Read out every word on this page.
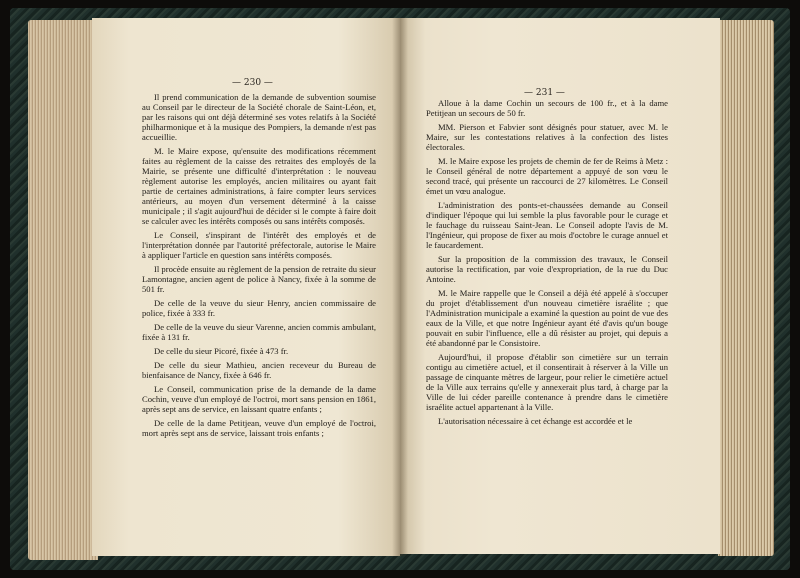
— 230 —

Il prend communication de la demande de subvention soumise au Conseil par le directeur de la Société chorale de Saint-Léon, et, par les raisons qui ont déjà déterminé ses votes relatifs à la Société philharmonique et à la musique des Pompiers, la demande n'est pas accueillie.

M. le Maire expose, qu'ensuite des modifications récemment faites au règlement de la caisse des retraites des employés de la Mairie, se présente une difficulté d'interprétation : le nouveau règlement autorise les employés, ancien militaires ou ayant fait partie de certaines administrations, à faire compter leurs services antérieurs, au moyen d'un versement déterminé à la caisse municipale ; il s'agit aujourd'hui de décider si le compte à faire doit se calculer avec les intérêts composés ou sans intérêts composés.

Le Conseil, s'inspirant de l'intérêt des employés et de l'interprétation donnée par l'autorité préfectorale, autorise le Maire à appliquer l'article en question sans intérêts composés.

Il procède ensuite au règlement de la pension de retraite du sieur Lamontagne, ancien agent de police à Nancy, fixée à la somme de 501 fr.

De celle de la veuve du sieur Henry, ancien commissaire de police, fixée à 333 fr.

De celle de la veuve du sieur Varenne, ancien commis ambulant, fixée à 131 fr.

De celle du sieur Picoré, fixée à 473 fr.

De celle du sieur Mathieu, ancien receveur du Bureau de bienfaisance de Nancy, fixée à 646 fr.

Le Conseil, communication prise de la demande de la dame Cochin, veuve d'un employé de l'octroi, mort sans pension en 1861, après sept ans de service, en laissant quatre enfants ;

De celle de la dame Petitjean, veuve d'un employé de l'octroi, mort après sept ans de service, laissant trois enfants ;

— 231 —

Alloue à la dame Cochin un secours de 100 fr., et à la dame Petitjean un secours de 50 fr.

MM. Pierson et Fabvier sont désignés pour statuer, avec M. le Maire, sur les contestations relatives à la confection des listes électorales.

M. le Maire expose les projets de chemin de fer de Reims à Metz : le Conseil général de notre département a appuyé de son vœu le second tracé, qui présente un raccourci de 27 kilomètres. Le Conseil émet un vœu analogue.

L'administration des ponts-et-chaussées demande au Conseil d'indiquer l'époque qui lui semble la plus favorable pour le curage et le fauchage du ruisseau Saint-Jean. Le Conseil adopte l'avis de M. l'Ingénieur, qui propose de fixer au mois d'octobre le curage annuel et le faucardement.

Sur la proposition de la commission des travaux, le Conseil autorise la rectification, par voie d'expropriation, de la rue du Duc Antoine.

M. le Maire rappelle que le Conseil a déjà été appelé à s'occuper du projet d'établissement d'un nouveau cimetière israélite ; que l'Administration municipale a examiné la question au point de vue des eaux de la Ville, et que notre Ingénieur ayant été d'avis qu'un bouge pouvait en subir l'influence, elle a dû résister au projet, qui depuis a été abandonné par le Consistoire.

Aujourd'hui, il propose d'établir son cimetière sur un terrain contigu au cimetière actuel, et il consentirait à réserver à la Ville un passage de cinquante mètres de largeur, pour relier le cimetière actuel de la Ville aux terrains qu'elle y annexerait plus tard, à charge par la Ville de lui céder pareille contenance à prendre dans le cimetière israélite actuel appartenant à la Ville.

L'autorisation nécessaire à cet échange est accordée et le
